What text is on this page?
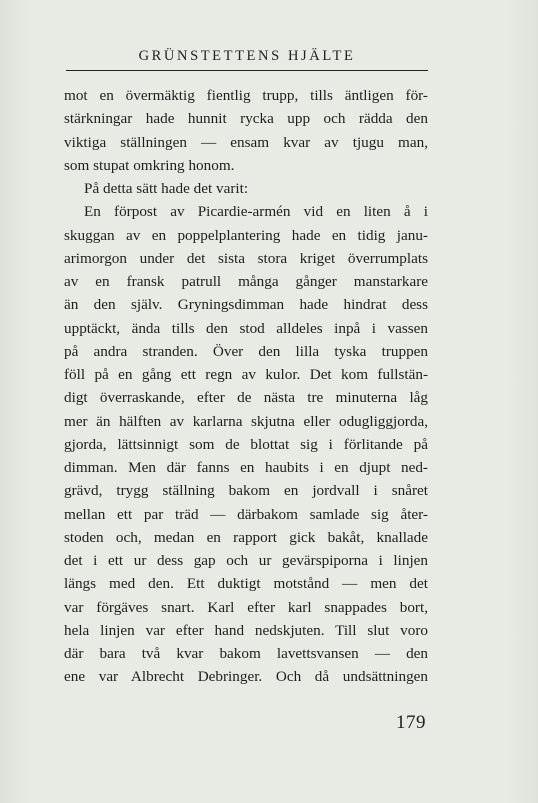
GRÜNSTETTENS HJÄLTE
mot en övermäktig fientlig trupp, tills äntligen för-
stärkningar hade hunnit rycka upp och rädda den
viktiga ställningen — ensam kvar av tjugu man,
som stupat omkring honom.
På detta sätt hade det varit:
En förpost av Picardie-armén vid en liten å i
skuggan av en poppelplantering hade en tidig janu-
arimorgon under det sista stora kriget överrumplats
av en fransk patrull många gånger manstarkare
än den själv. Gryningsdimman hade hindrat dess
upptäckt, ända tills den stod alldeles inpå i vassen
på andra stranden. Över den lilla tyska truppen
föll på en gång ett regn av kulor. Det kom fullstän-
digt överraskande, efter de nästa tre minuterna låg
mer än hälften av karlarna skjutna eller odugliggjorda,
gjorda, lättsinnigt som de blottat sig i förlitande på
dimman. Men där fanns en haubits i en djupt ned-
grävd, trygg ställning bakom en jordvall i snåret
mellan ett par träd — därbakom samlade sig åter-
stoden och, medan en rapport gick bakåt, knallade
det i ett ur dess gap och ur gevärspiporna i linjen
längs med den. Ett duktigt motstånd — men det
var förgäves snart. Karl efter karl snappades bort,
hela linjen var efter hand nedskjuten. Till slut voro
där bara två kvar bakom lavettsvansen — den
ene var Albrecht Debringer. Och då undsättningen
179
